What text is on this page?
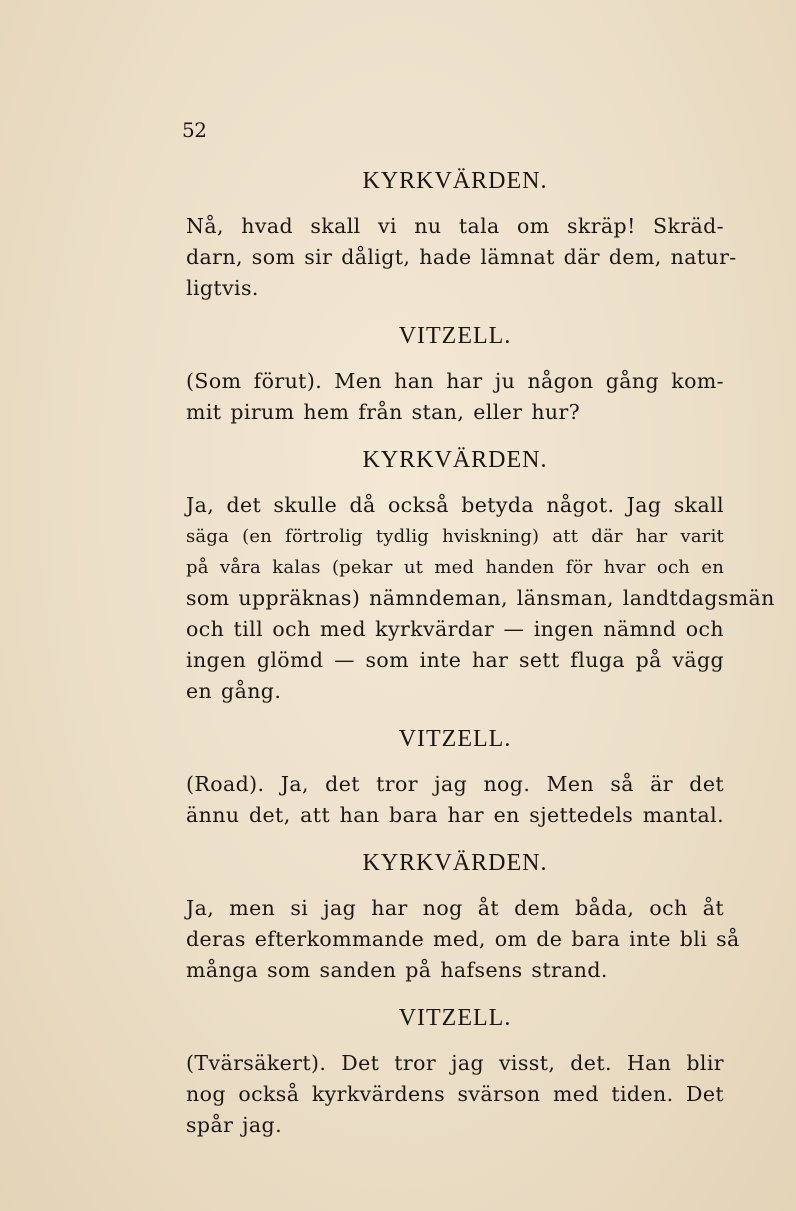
52
KYRKVÄRDEN.
Nå, hvad skall vi nu tala om skräp! Skräd-
darn, som sir dåligt, hade lämnat där dem, natur-
ligtvis.
VITZELL.
(Som förut). Men han har ju någon gång kom-
mit pirum hem från stan, eller hur?
KYRKVÄRDEN.
Ja, det skulle då också betyda något. Jag skall
säga (en förtrolig tydlig hviskning) att där har varit
på våra kalas (pekar ut med handen för hvar och en
som uppräknas) nämndeman, länsman, landtdagsmän
och till och med kyrkvärdar — ingen nämnd och
ingen glömd — som inte har sett fluga på vägg
en gång.
VITZELL.
(Road). Ja, det tror jag nog. Men så är det
ännu det, att han bara har en sjettedels mantal.
KYRKVÄRDEN.
Ja, men si jag har nog åt dem båda, och åt
deras efterkommande med, om de bara inte bli så
många som sanden på hafsens strand.
VITZELL.
(Tvärsäkert). Det tror jag visst, det. Han blir
nog också kyrkvärdens svärson med tiden. Det
spår jag.
